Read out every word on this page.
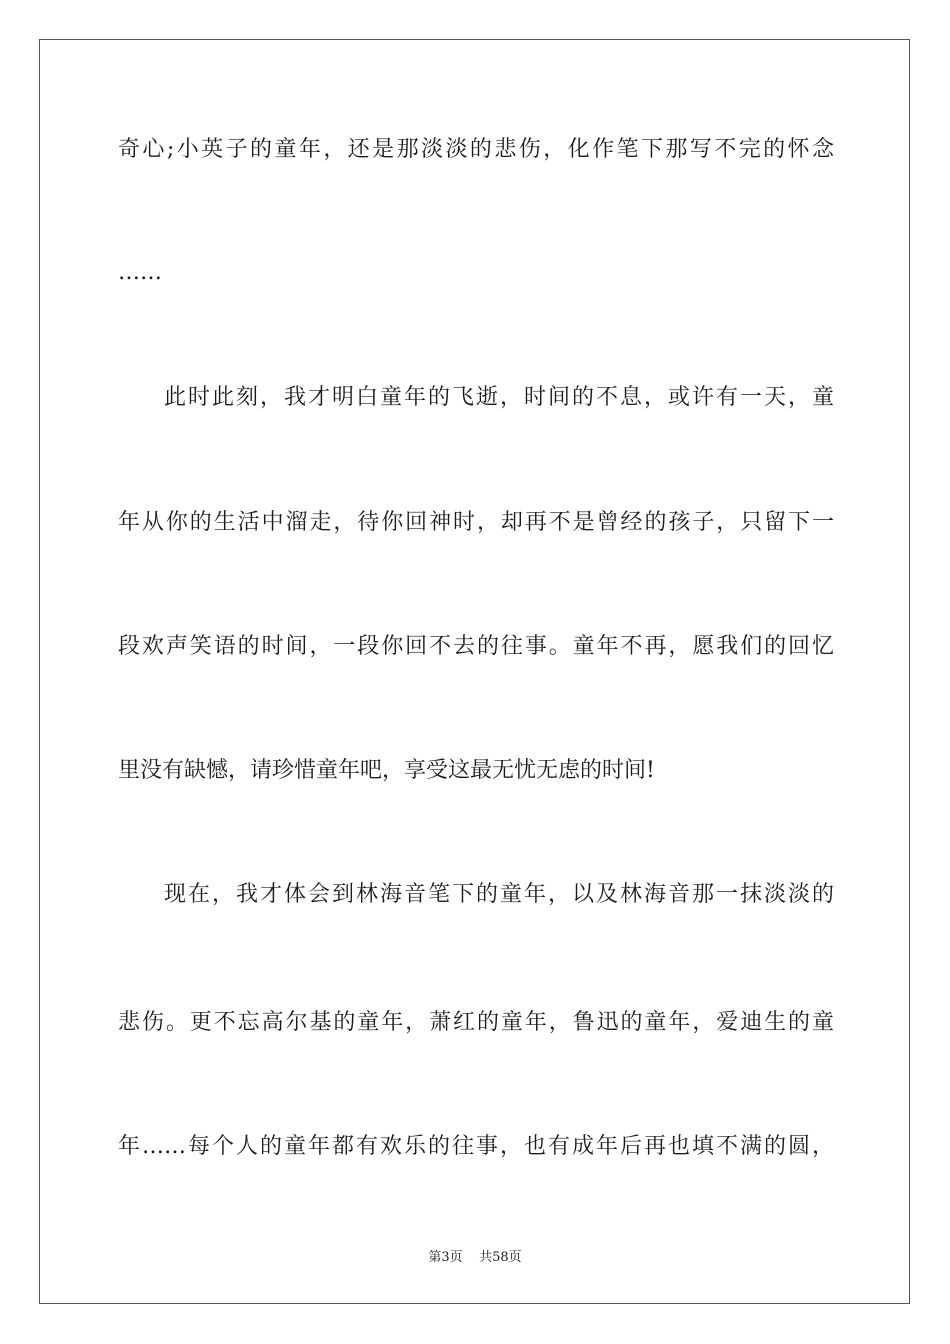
奇心;小英子的童年，还是那淡淡的悲伤，化作笔下那写不完的怀念
……
此时此刻，我才明白童年的飞逝，时间的不息，或许有一天，童
年从你的生活中溜走，待你回神时，却再不是曾经的孩子，只留下一
段欢声笑语的时间，一段你回不去的往事。童年不再，愿我们的回忆
里没有缺憾，请珍惜童年吧，享受这最无忧无虑的时间!
现在，我才体会到林海音笔下的童年，以及林海音那一抹淡淡的
悲伤。更不忘高尔基的童年，萧红的童年，鲁迅的童年，爱迪生的童
年……每个人的童年都有欢乐的往事，也有成年后再也填不满的圆，
第3页 共58页
